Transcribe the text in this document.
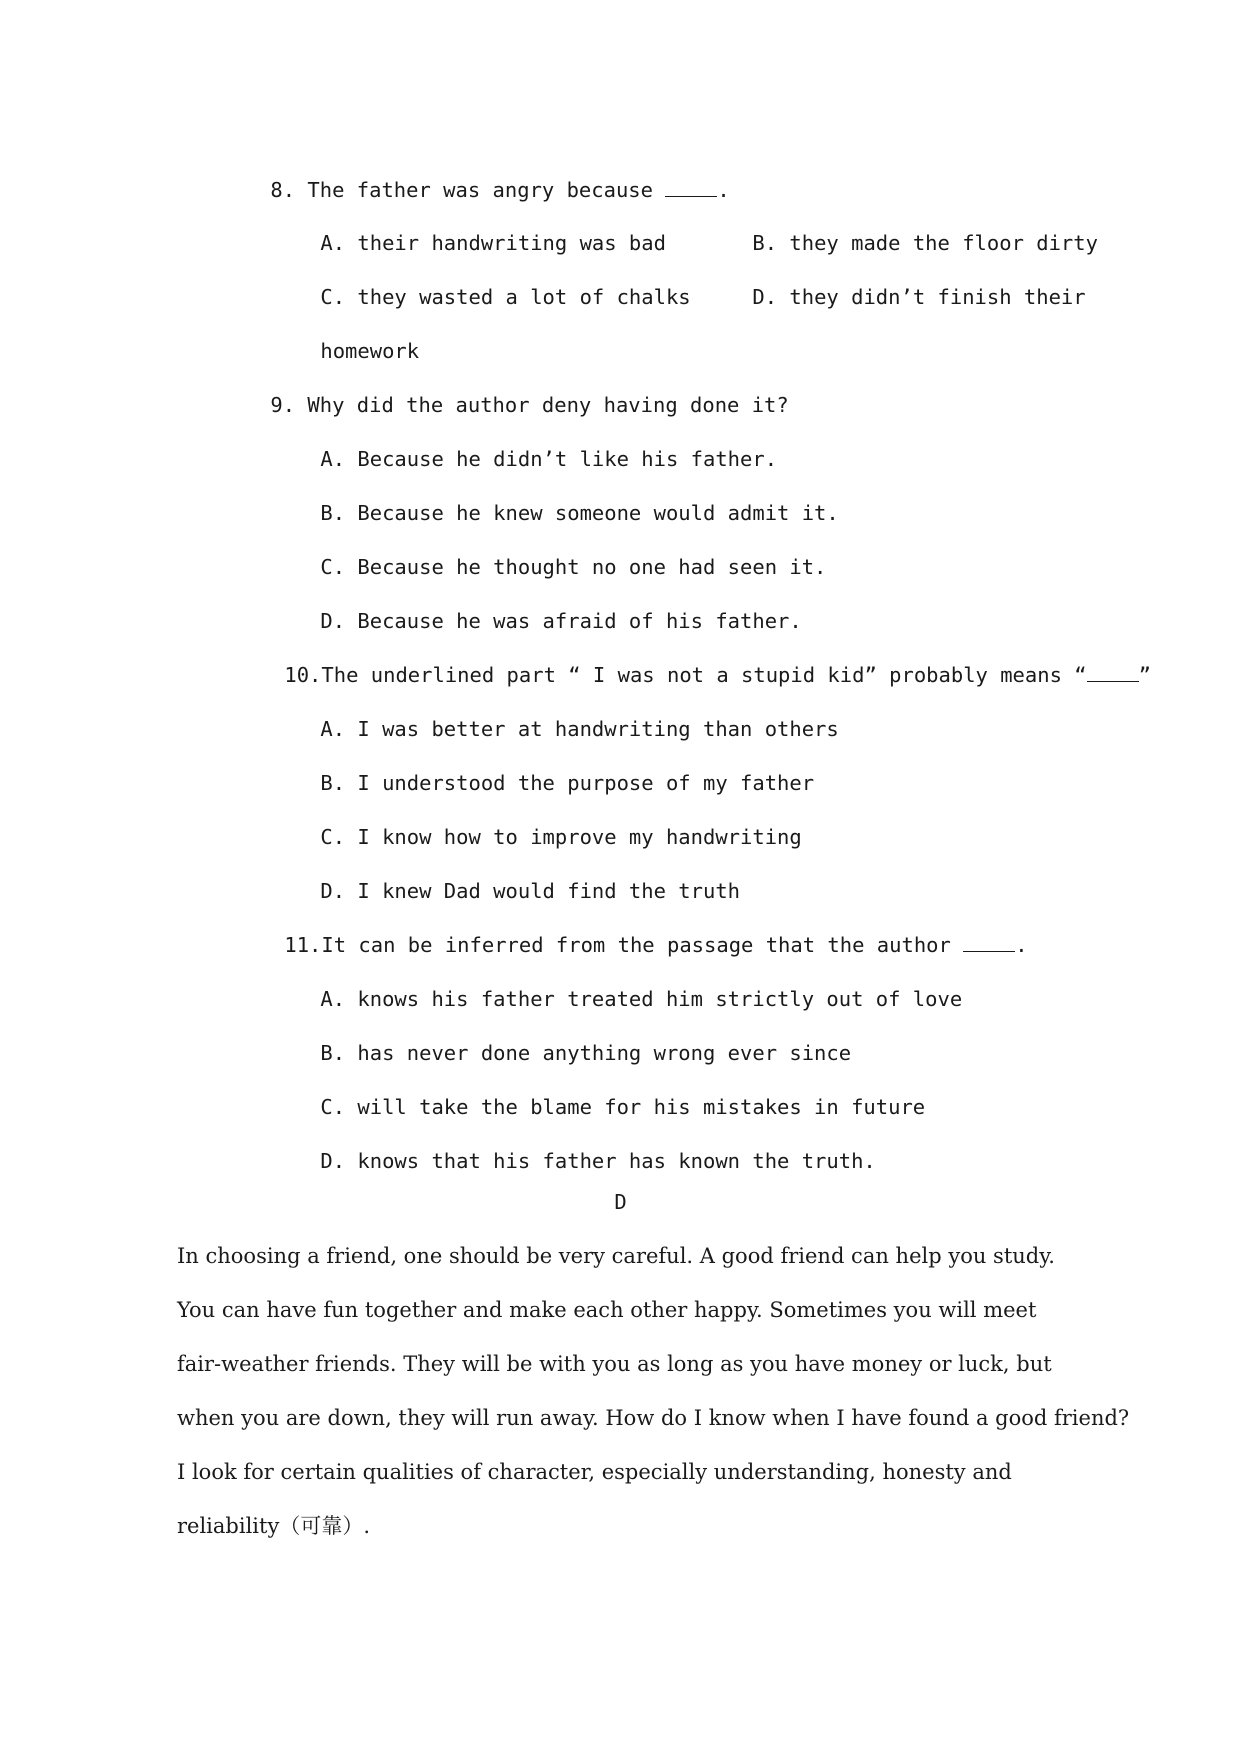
8. The father was angry because	.

A. their handwriting was bad
	B. they made the floor dirty

C. they wasted a lot of chalks
	D. they didn’t finish their

homework

9. Why did the author deny having done it?

A. Because he didn’t like his father.

B. Because he knew someone would admit it.

C. Because he thought no one had seen it.

D. Because he was afraid of his father.

10.The underlined part “ I was not a stupid kid” probably means “	”

A. I was better at handwriting than others

B. I understood the purpose of my father

C. I know how to improve my handwriting

D. I knew Dad would find the truth

11.It can be inferred from the passage that the author	.

A. knows his father treated him strictly out of love

B. has never done anything wrong ever since

C. will take the blame for his mistakes in future

D. knows that his father has known the truth.

D
In choosing a friend, one should be very careful. A good friend can help you study.
You can have fun together and make each other happy. Sometimes you will meet
fair-weather friends. They will be with you as long as you have money or luck, but
when you are down, they will run away. How do I know when I have found a good friend?
I look for certain qualities of character, especially understanding, honesty and
reliability（可靠）.
